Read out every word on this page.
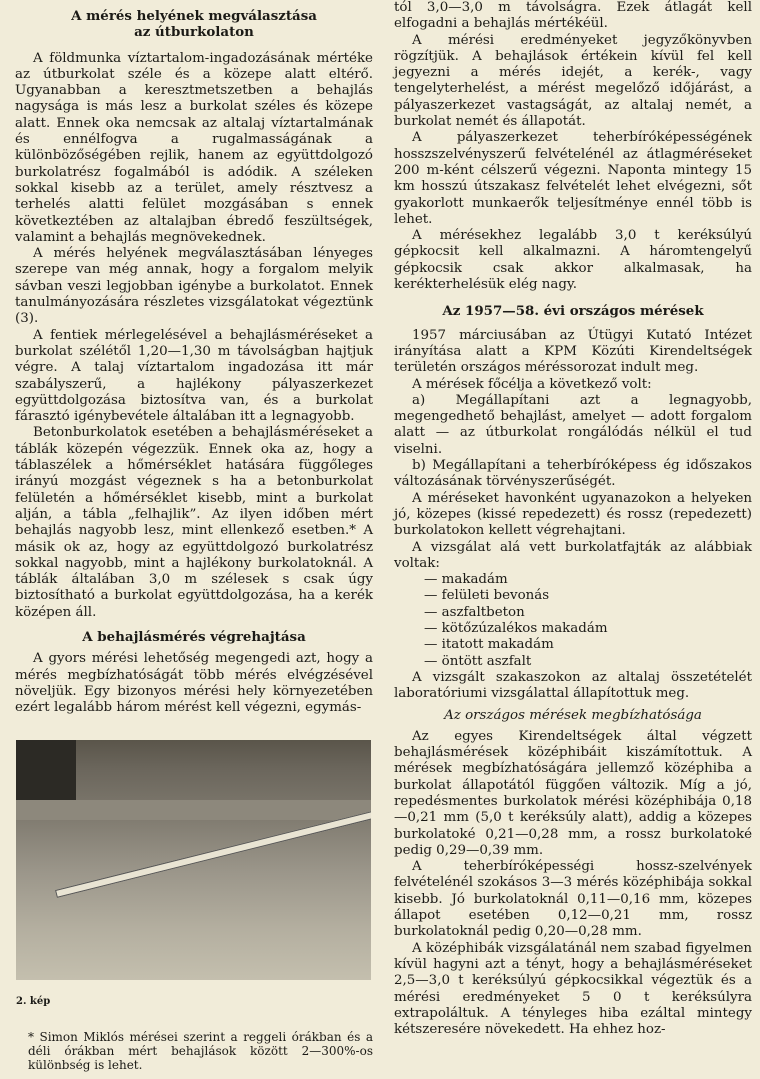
A mérés helyének megválasztása

az útburkolaton

A földmunka víztartalom-ingadozásának mértéke az útburkolat széle és a közepe alatt eltérő. Ugyanabban a keresztmetszetben a behajlás nagysága is más lesz a burkolat széles és közepe alatt. Ennek oka nemcsak az altalaj víztartalmának és ennélfogva a rugalmasságának a különbözőségében rejlik, hanem az együttdolgozó burkolatrész fogalmából is adódik. A széleken sokkal kisebb az a terület, amely résztvesz a terhelés alatti felület mozgásában s ennek következtében az altalajban ébredő feszültségek, valamint a behajlás megnövekednek.

A mérés helyének megválasztásában lényeges szerepe van még annak, hogy a forgalom melyik sávban veszi legjobban igénybe a burkolatot. Ennek tanulmányozására részletes vizsgálatokat végeztünk (3).

A fentiek mérlegelésével a behajlásméréseket a burkolat szélétől 1,20—1,30 m távolságban hajtjuk végre. A talaj víztartalom ingadozása itt már szabályszerű, a hajlékony pályaszerkezet együttdolgozása biztosítva van, és a burkolat fárasztó igénybevétele általában itt a legnagyobb.

Betonburkolatok esetében a behajlásméréseket a táblák közepén végezzük. Ennek oka az, hogy a táblaszélek a hőmérséklet hatására függőleges irányú mozgást végeznek s ha a betonburkolat felületén a hőmérséklet kisebb, mint a burkolat alján, a tábla „felhajlik”. Az ilyen időben mért behajlás nagyobb lesz, mint ellenkező esetben.* A másik ok az, hogy az együttdolgozó burkolatrész sokkal nagyobb, mint a hajlékony burkolatoknál. A táblák általában 3,0 m szélesek s csak úgy biztosítható a burkolat együttdolgozása, ha a kerék középen áll.

A behajlásmérés végrehajtása

A gyors mérési lehetőség megengedi azt, hogy a mérés megbízhatóságát több mérés elvégzésével növeljük. Egy bizonyos mérési hely környezetében ezért legalább három mérést kell végezni, egymás-

2. kép

* Simon Miklós mérései szerint a reggeli órákban és a déli órákban mért behajlások között 2—300%-os különbség is lehet.

tól 3,0—3,0 m távolságra. Ezek átlagát kell elfogadni a behajlás mértékéül.

A mérési eredményeket jegyzőkönyvben rögzítjük. A behajlások értékein kívül fel kell jegyezni a mérés idejét, a kerék-, vagy tengelyterhelést, a mérést megelőző időjárást, a pályaszerkezet vastagságát, az altalaj nemét, a burkolat nemét és állapotát.

A pályaszerkezet teherbíróképességének hosszszelvényszerű felvételénél az átlagméréseket 200 m-ként célszerű végezni. Naponta mintegy 15 km hosszú útszakasz felvételét lehet elvégezni, sőt gyakorlott munkaerők teljesítménye ennél több is lehet.

A mérésekhez legalább 3,0 t keréksúlyú gépkocsit kell alkalmazni. A háromtengelyű gépkocsik csak akkor alkalmasak, ha kerékterhelésük elég nagy.

Az 1957—58. évi országos mérések

1957 márciusában az Útügyi Kutató Intézet irányítása alatt a KPM Közúti Kirendeltségek területén országos méréssorozat indult meg.

A mérések főcélja a következő volt:

a) Megállapítani azt a legnagyobb, megengedhető behajlást, amelyet — adott forgalom alatt — az útburkolat rongálódás nélkül el tud viselni.

b) Megállapítani a teherbíróképess ég időszakos változásának törvényszerűségét.

A méréseket havonként ugyanazokon a helyeken jó, közepes (kissé repedezett) és rossz (repedezett) burkolatokon kellett végrehajtani.

A vizsgálat alá vett burkolatfajták az alábbiak voltak:

— makadám
— felületi bevonás
— aszfaltbeton
— kötőzúzalékos makadám
— itatott makadám
— öntött aszfalt

A vizsgált szakaszokon az altalaj összetételét laboratóriumi vizsgálattal állapítottuk meg.

Az országos mérések megbízhatósága

Az egyes Kirendeltségek által végzett behajlásmérések középhibáit kiszámítottuk. A mérések megbízhatóságára jellemző középhiba a burkolat állapotától függően változik. Míg a jó, repedésmentes burkolatok mérési középhibája 0,18—0,21 mm (5,0 t keréksúly alatt), addig a közepes burkolatoké 0,21—0,28 mm, a rossz burkolatoké pedig 0,29—0,39 mm.

A teherbíróképességi hossz-szelvények felvételénél szokásos 3—3 mérés középhibája sokkal kisebb. Jó burkolatoknál 0,11—0,16 mm, közepes állapot esetében 0,12—0,21 mm, rossz burkolatoknál pedig 0,20—0,28 mm.

A középhibák vizsgálatánál nem szabad figyelmen kívül hagyni azt a tényt, hogy a behajlásméréseket 2,5—3,0 t keréksúlyú gépkocsikkal végeztük és a mérési eredményeket 5 0 t keréksúlyra extrapoláltuk. A tényleges hiba ezáltal mintegy kétszeresére növekedett. Ha ehhez hoz-
